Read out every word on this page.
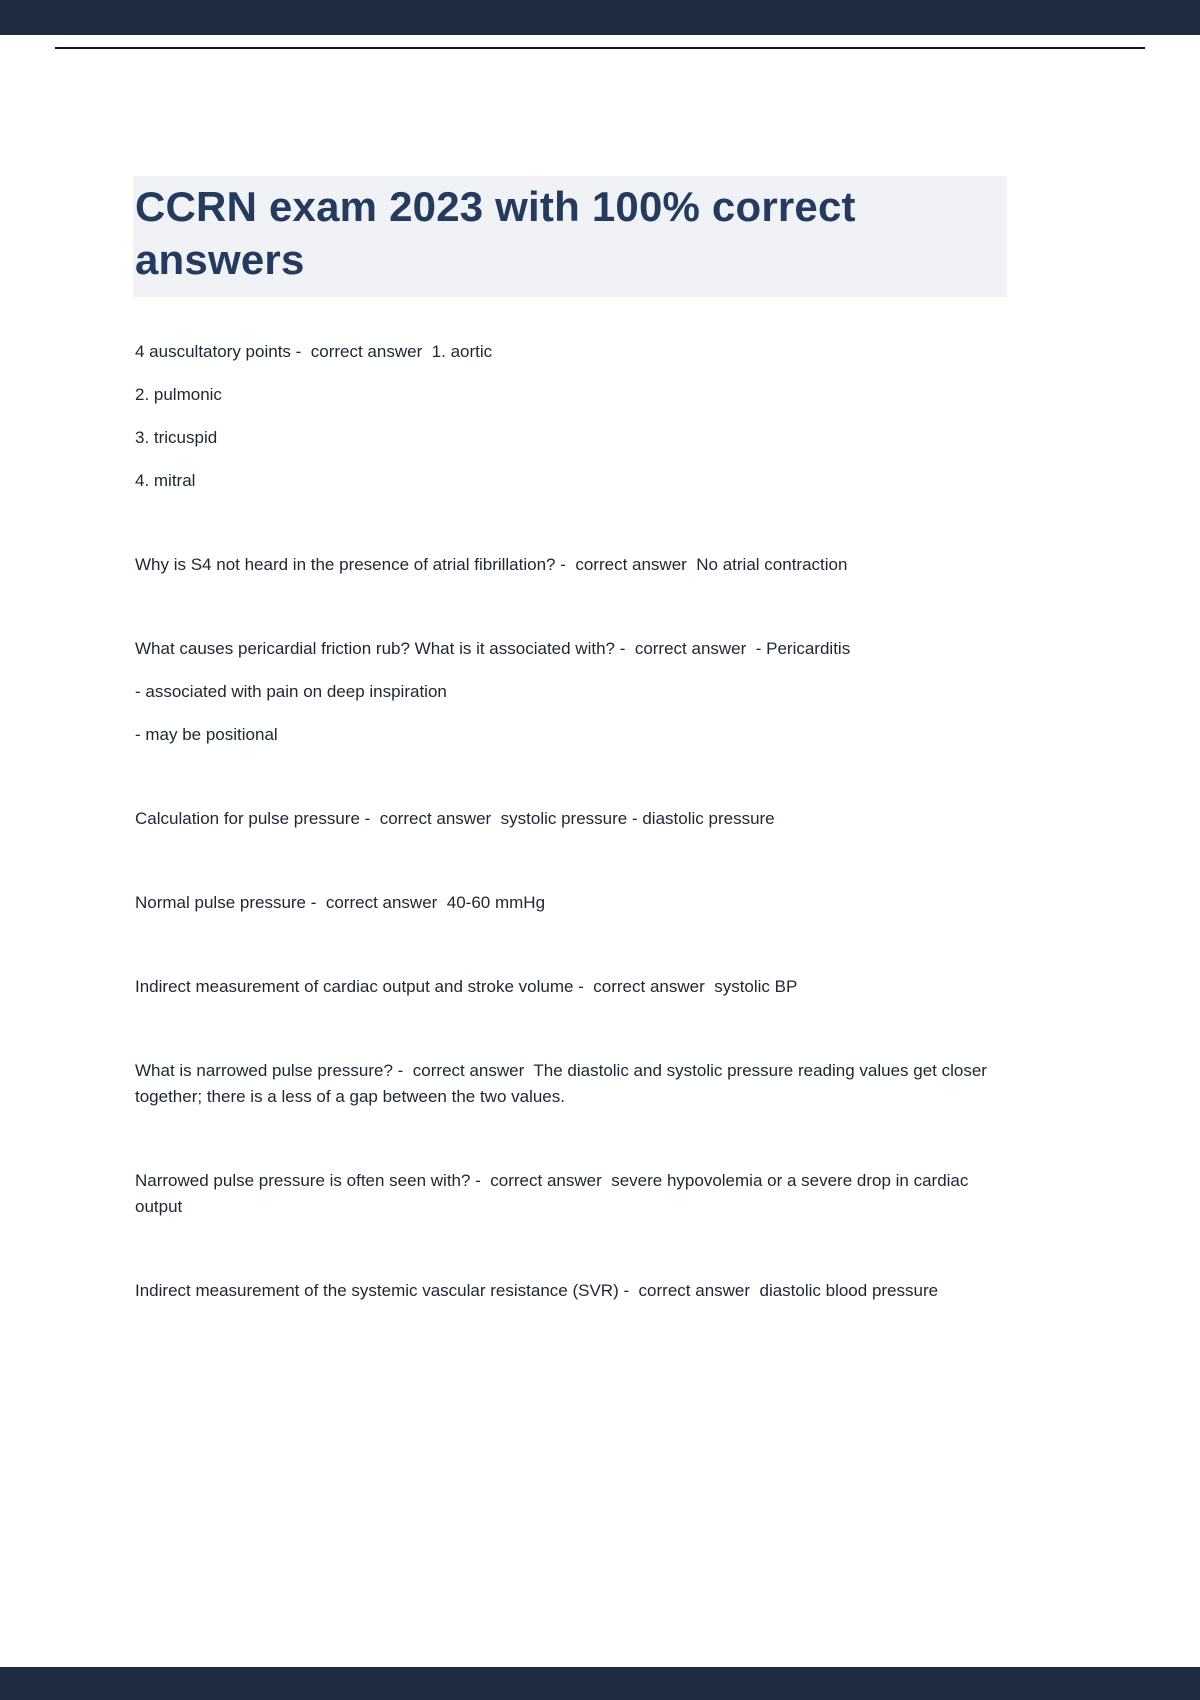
CCRN exam 2023 with 100% correct answers

4 auscultatory points -  correct answer  1. aortic

2. pulmonic

3. tricuspid

4. mitral

Why is S4 not heard in the presence of atrial fibrillation? -  correct answer  No atrial contraction

What causes pericardial friction rub? What is it associated with? -  correct answer  - Pericarditis

- associated with pain on deep inspiration

- may be positional

Calculation for pulse pressure -  correct answer  systolic pressure - diastolic pressure

Normal pulse pressure -  correct answer  40-60 mmHg

Indirect measurement of cardiac output and stroke volume -  correct answer  systolic BP

What is narrowed pulse pressure? -  correct answer  The diastolic and systolic pressure reading values get closer together; there is a less of a gap between the two values.

Narrowed pulse pressure is often seen with? -  correct answer  severe hypovolemia or a severe drop in cardiac output

Indirect measurement of the systemic vascular resistance (SVR) -  correct answer  diastolic blood pressure
